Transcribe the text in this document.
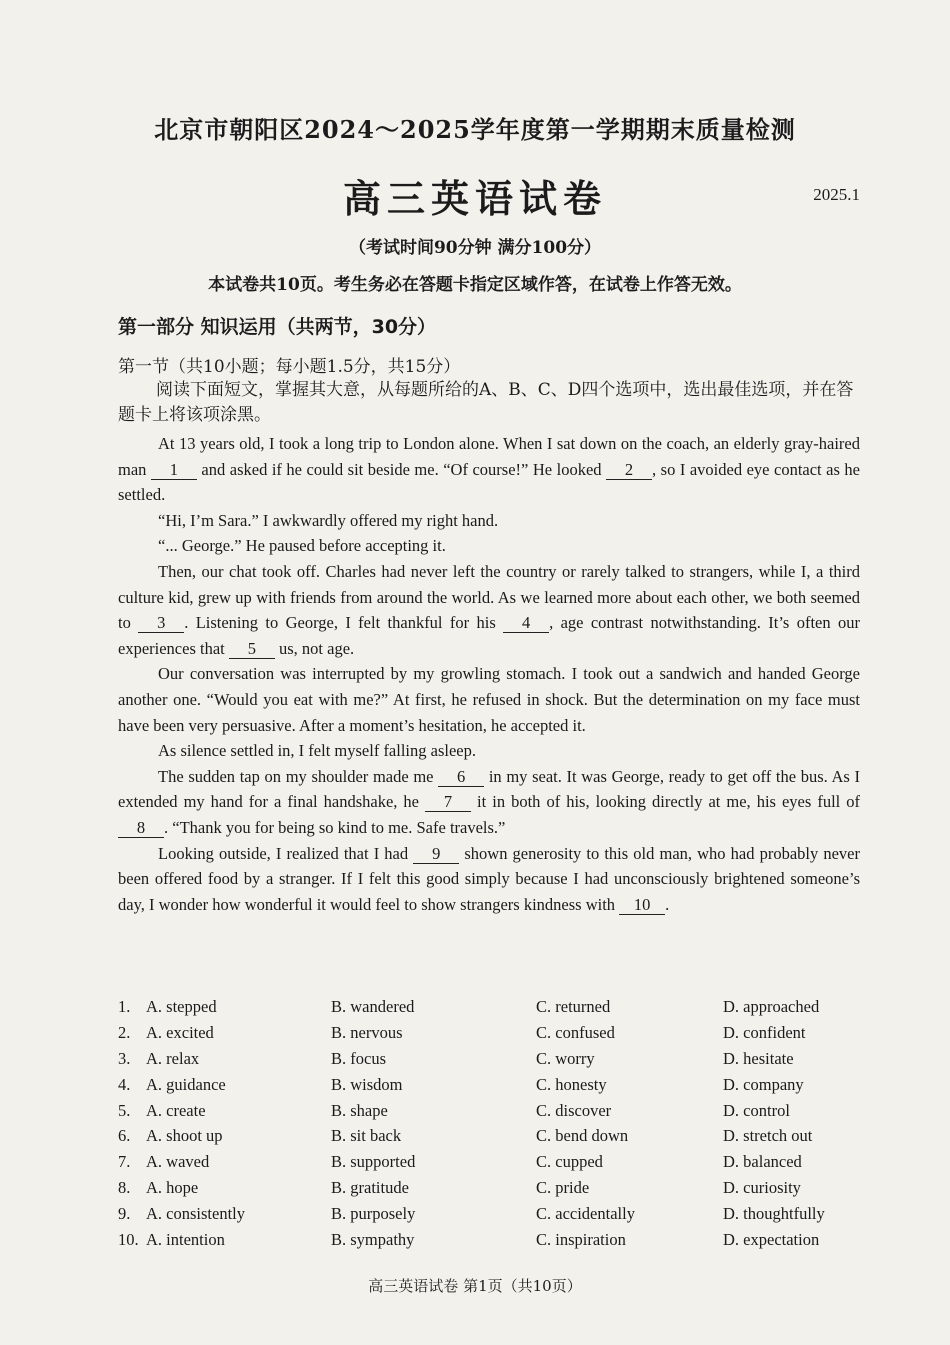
北京市朝阳区2024～2025学年度第一学期期末质量检测
高三英语试卷	2025.1
（考试时间90分钟 满分100分）
本试卷共10页。考生务必在答题卡指定区域作答，在试卷上作答无效。
第一部分 知识运用（共两节，30分）
第一节（共10小题；每小题1.5分，共15分）
阅读下面短文，掌握其大意，从每题所给的A、B、C、D四个选项中，选出最佳选项，并在答题卡上将该项涂黑。

At 13 years old, I took a long trip to London alone. When I sat down on the coach, an elderly gray-haired man 1 and asked if he could sit beside me. “Of course!” He looked 2 , so I avoided eye contact as he settled.

“Hi, I’m Sara.” I awkwardly offered my right hand.

“... George.” He paused before accepting it.

Then, our chat took off. Charles had never left the country or rarely talked to strangers, while I, a third culture kid, grew up with friends from around the world. As we learned more about each other, we both seemed to 3 . Listening to George, I felt thankful for his 4 , age contrast notwithstanding. It’s often our experiences that 5 us, not age.

Our conversation was interrupted by my growling stomach. I took out a sandwich and handed George another one. “Would you eat with me?” At first, he refused in shock. But the determination on my face must have been very persuasive. After a moment’s hesitation, he accepted it.

As silence settled in, I felt myself falling asleep.

The sudden tap on my shoulder made me 6 in my seat. It was George, ready to get off the bus. As I extended my hand for a final handshake, he 7 it in both of his, looking directly at me, his eyes full of 8 . “Thank you for being so kind to me. Safe travels.”

Looking outside, I realized that I had 9 shown generosity to this old man, who had probably never been offered food by a stranger. If I felt this good simply because I had unconsciously brightened someone’s day, I wonder how wonderful it would feel to show strangers kindness with 10 .

1. A. stepped	B. wandered	C. returned	D. approached
2. A. excited	B. nervous	C. confused	D. confident
3. A. relax	B. focus	C. worry	D. hesitate
4. A. guidance	B. wisdom	C. honesty	D. company
5. A. create	B. shape	C. discover	D. control
6. A. shoot up	B. sit back	C. bend down	D. stretch out
7. A. waved	B. supported	C. cupped	D. balanced
8. A. hope	B. gratitude	C. pride	D. curiosity
9. A. consistently	B. purposely	C. accidentally	D. thoughtfully
10. A. intention	B. sympathy	C. inspiration	D. expectation
高三英语试卷 第1页（共10页）
